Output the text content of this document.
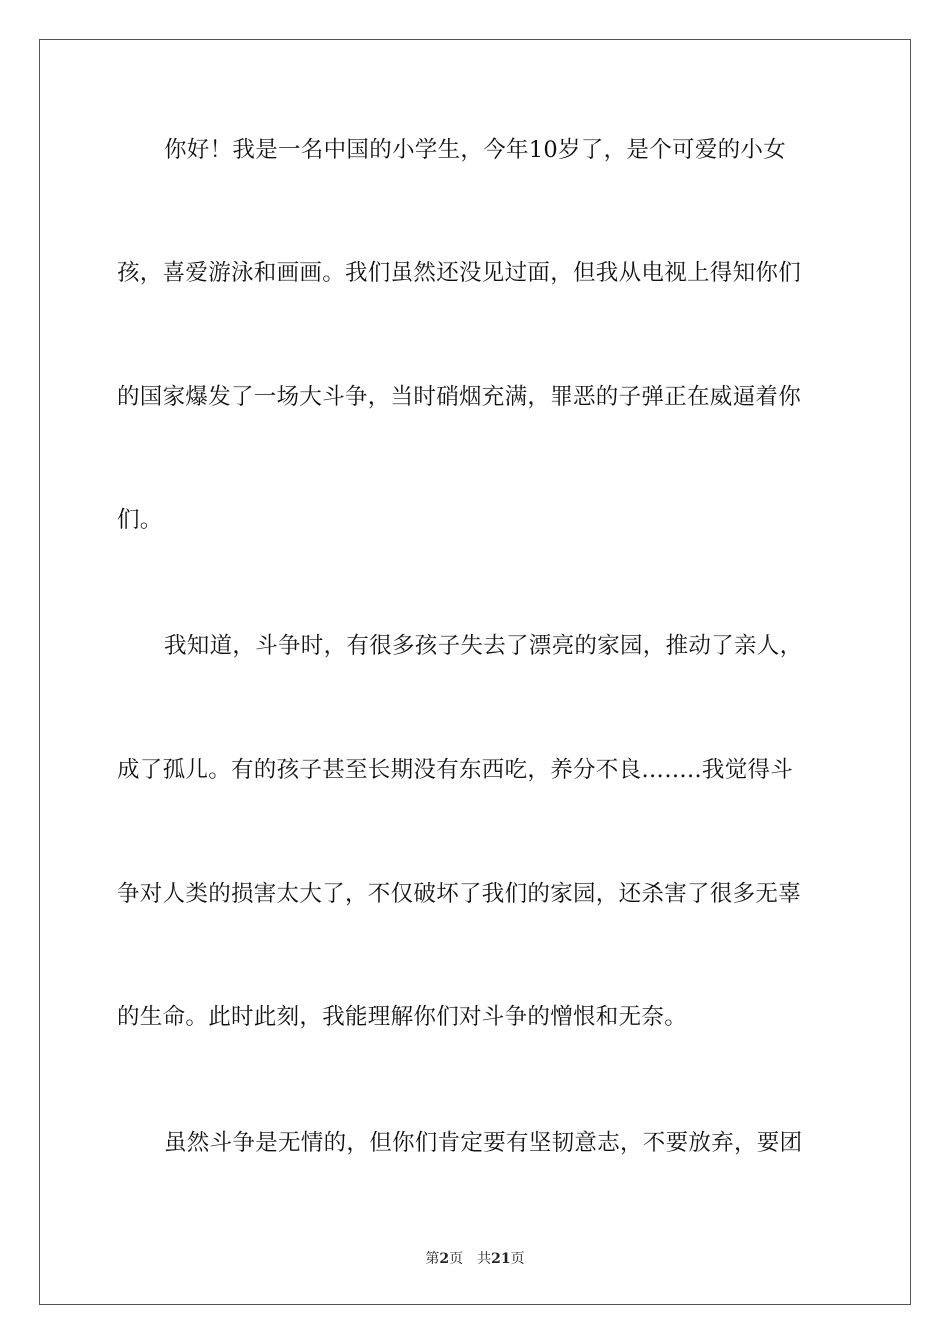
你好！我是一名中国的小学生，今年10岁了，是个可爱的小女
孩，喜爱游泳和画画。我们虽然还没见过面，但我从电视上得知你们
的国家爆发了一场大斗争，当时硝烟充满，罪恶的子弹正在威逼着你
们。
我知道，斗争时，有很多孩子失去了漂亮的家园，推动了亲人，
成了孤儿。有的孩子甚至长期没有东西吃，养分不良……..我觉得斗
争对人类的损害太大了，不仅破坏了我们的家园，还杀害了很多无辜
的生命。此时此刻，我能理解你们对斗争的憎恨和无奈。
虽然斗争是无情的，但你们肯定要有坚韧意志，不要放弃，要团
第2页 共21页
